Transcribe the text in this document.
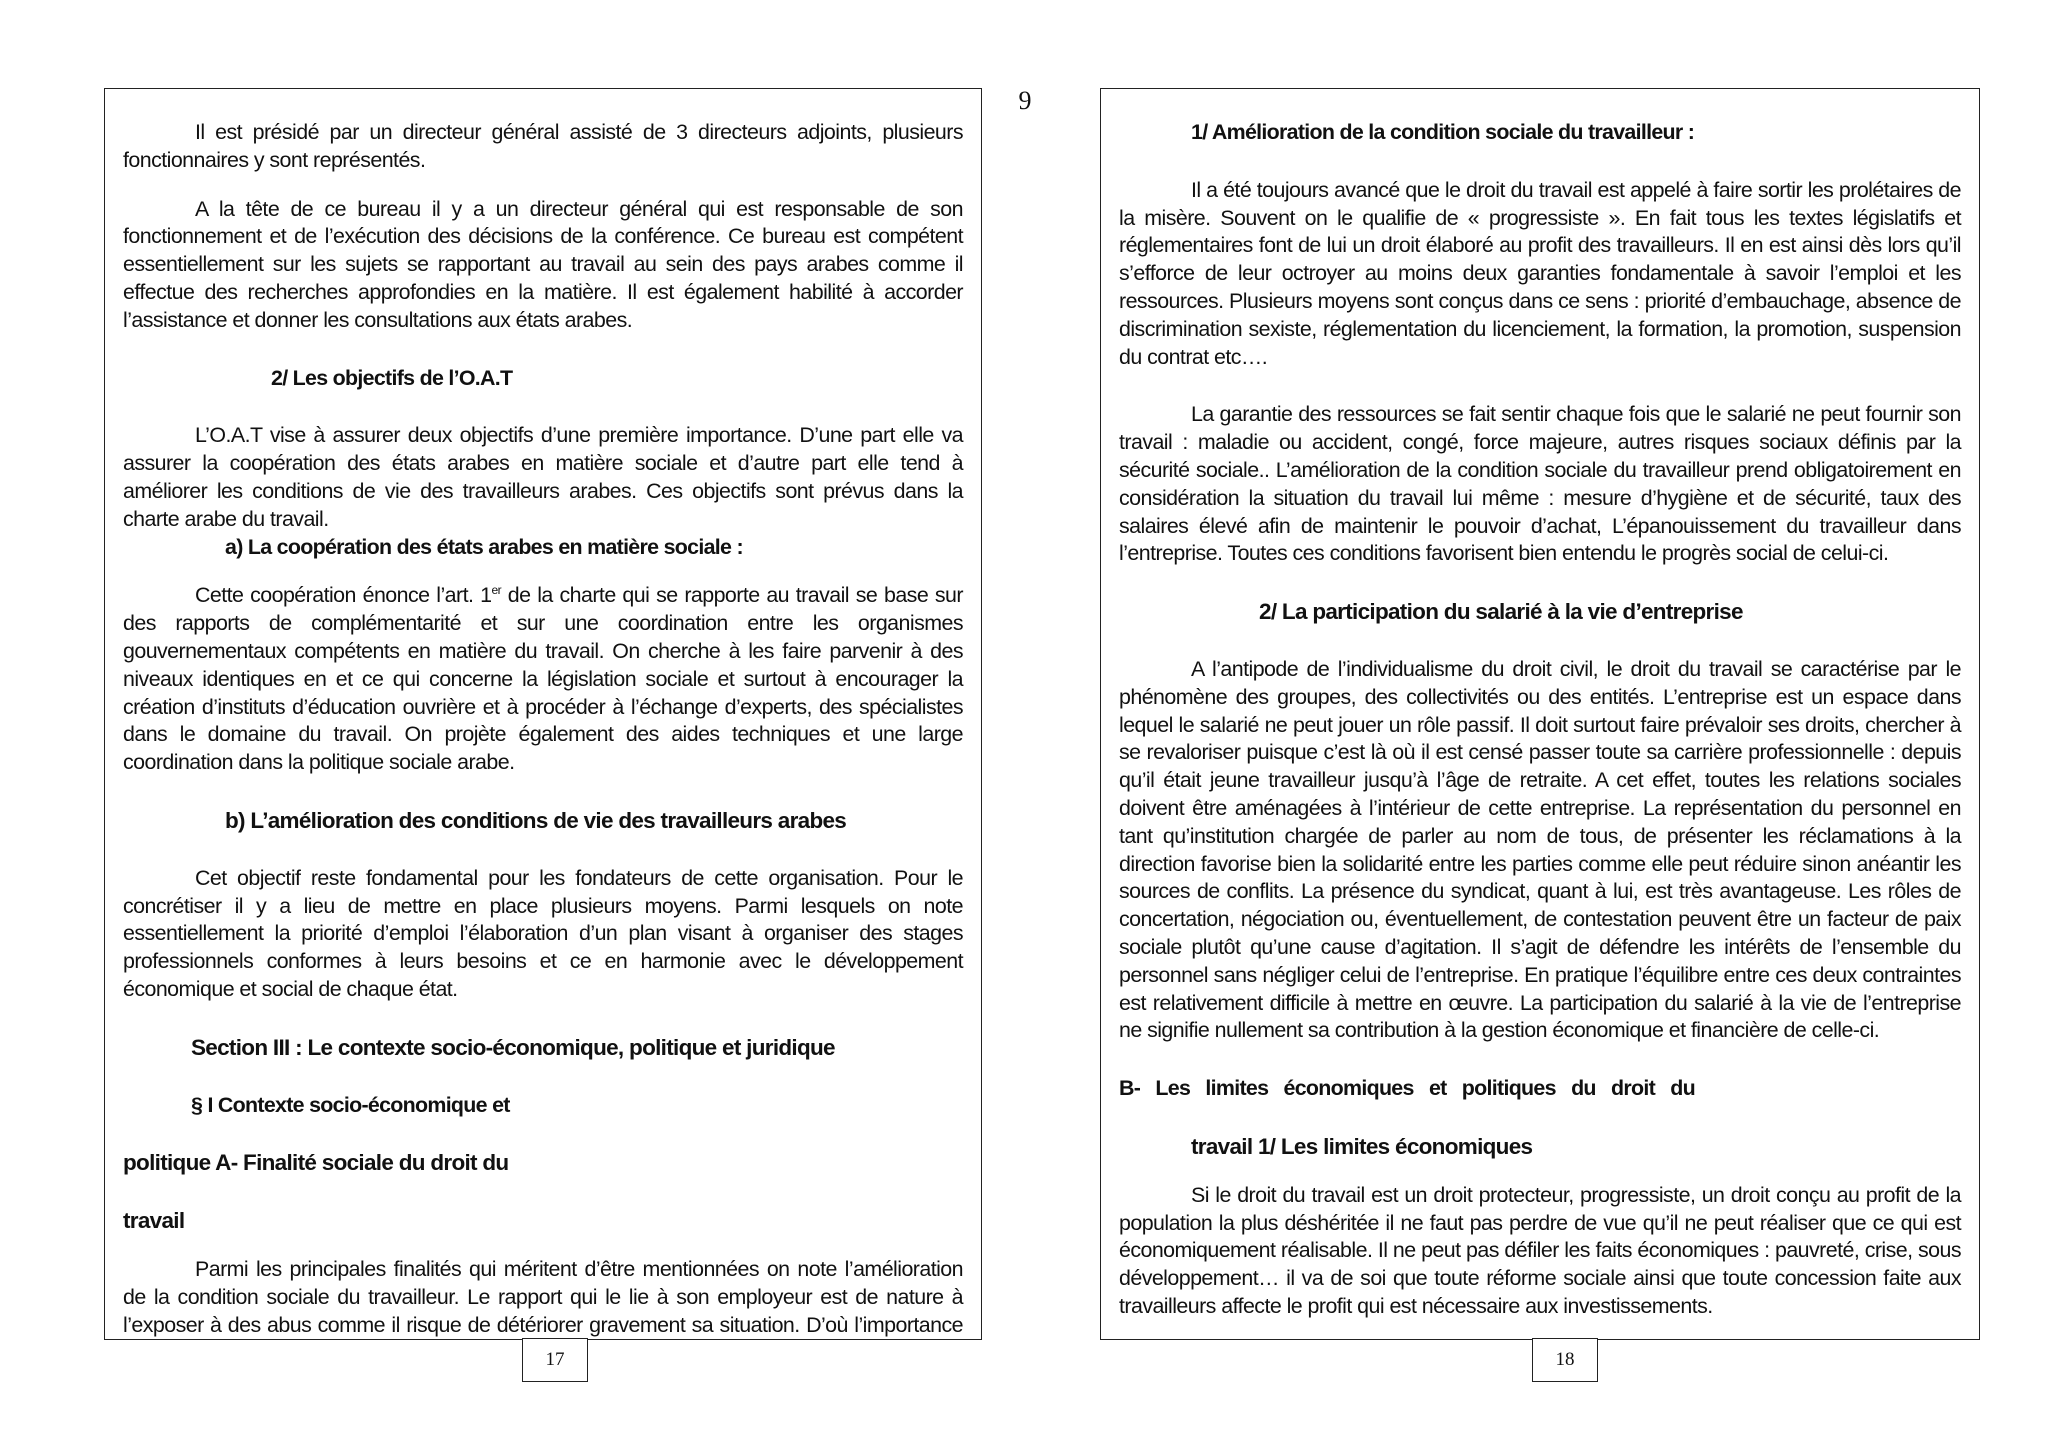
9

Il est présidé par un directeur général assisté de 3 directeurs adjoints, plusieurs fonctionnaires y sont représentés.

A la tête de ce bureau il y a un directeur général qui est responsable de son fonctionnement et de l’exécution des décisions de la conférence. Ce bureau est compétent essentiellement sur les sujets se rapportant au travail au sein des pays arabes comme il effectue des recherches approfondies en la matière. Il est également habilité à accorder l’assistance et donner les consultations aux états arabes.

2/ Les objectifs de l’O.A.T

L’O.A.T vise à assurer deux objectifs d’une première importance. D’une part elle va assurer la coopération des états arabes en matière sociale et d’autre part elle tend à améliorer les conditions de vie des travailleurs arabes. Ces objectifs sont prévus dans la charte arabe du travail.

a) La coopération des états arabes en matière sociale :

Cette coopération énonce l’art. 1er de la charte qui se rapporte au travail se base sur des rapports de complémentarité et sur une coordination entre les organismes gouvernementaux compétents en matière du travail. On cherche à les faire parvenir à des niveaux identiques en et ce qui concerne la législation sociale et surtout à encourager la création d’instituts d’éducation ouvrière et à procéder à l’échange d’experts, des spécialistes dans le domaine du travail. On projète également des aides techniques et une large coordination dans la politique sociale arabe.

b) L’amélioration des conditions de vie des travailleurs arabes

Cet objectif reste fondamental pour les fondateurs de cette organisation. Pour le concrétiser il y a lieu de mettre en place plusieurs moyens. Parmi lesquels on note essentiellement la priorité d’emploi l’élaboration d’un plan visant à organiser des stages professionnels conformes à leurs besoins et ce en harmonie avec le développement économique et social de chaque état.

Section III : Le contexte socio-économique, politique et juridique

§ I Contexte socio-économique et

politique A- Finalité sociale du droit du

travail

Parmi les principales finalités qui méritent d’être mentionnées on note l’amélioration de la condition sociale du travailleur. Le rapport qui le lie à son employeur est de nature à l’exposer à des abus comme il risque de détériorer gravement sa situation. D’où l’importance

17

1/ Amélioration de la condition sociale du travailleur :

Il a été toujours avancé que le droit du travail est appelé à faire sortir les prolétaires de la misère. Souvent on le qualifie de « progressiste ». En fait tous les textes législatifs et réglementaires font de lui un droit élaboré au profit des travailleurs. Il en est ainsi dès lors qu’il s’efforce de leur octroyer au moins deux garanties fondamentale à savoir l’emploi et les ressources. Plusieurs moyens sont conçus dans ce sens : priorité d’embauchage, absence de discrimination sexiste, réglementation du licenciement, la formation, la promotion, suspension du contrat etc….

La garantie des ressources se fait sentir chaque fois que le salarié ne peut fournir son travail : maladie ou accident, congé, force majeure, autres risques sociaux définis par la sécurité sociale.. L’amélioration de la condition sociale du travailleur prend obligatoirement en considération la situation du travail lui même : mesure d’hygiène et de sécurité, taux des salaires élevé afin de maintenir le pouvoir d’achat, L’épanouissement du travailleur dans l’entreprise. Toutes ces conditions favorisent bien entendu le progrès social de celui-ci.

2/ La participation du salarié à la vie d’entreprise

A l’antipode de l’individualisme du droit civil, le droit du travail se caractérise par le phénomène des groupes, des collectivités ou des entités. L’entreprise est un espace dans lequel le salarié ne peut jouer un rôle passif. Il doit surtout faire prévaloir ses droits, chercher à se revaloriser puisque c’est là où il est censé passer toute sa carrière professionnelle : depuis qu’il était jeune travailleur jusqu’à l’âge de retraite. A cet effet, toutes les relations sociales doivent être aménagées à l’intérieur de cette entreprise. La représentation du personnel en tant qu’institution chargée de parler au nom de tous, de présenter les réclamations à la direction favorise bien la solidarité entre les parties comme elle peut réduire sinon anéantir les sources de conflits. La présence du syndicat, quant à lui, est très avantageuse. Les rôles de concertation, négociation ou, éventuellement, de contestation peuvent être un facteur de paix sociale plutôt qu’une cause d’agitation. Il s’agit de défendre les intérêts de l’ensemble du personnel sans négliger celui de l’entreprise. En pratique l’équilibre entre ces deux contraintes est relativement difficile à mettre en œuvre. La participation du salarié à la vie de l’entreprise ne signifie nullement sa contribution à la gestion économique et financière de celle-ci.

B- Les limites économiques et politiques du droit du

travail 1/ Les limites économiques

Si le droit du travail est un droit protecteur, progressiste, un droit conçu au profit de la population la plus déshéritée il ne faut pas perdre de vue qu’il ne peut réaliser que ce qui est économiquement réalisable. Il ne peut pas défiler les faits économiques : pauvreté, crise, sous développement… il va de soi que toute réforme sociale ainsi que toute concession faite aux travailleurs affecte le profit qui est nécessaire aux investissements.

18
